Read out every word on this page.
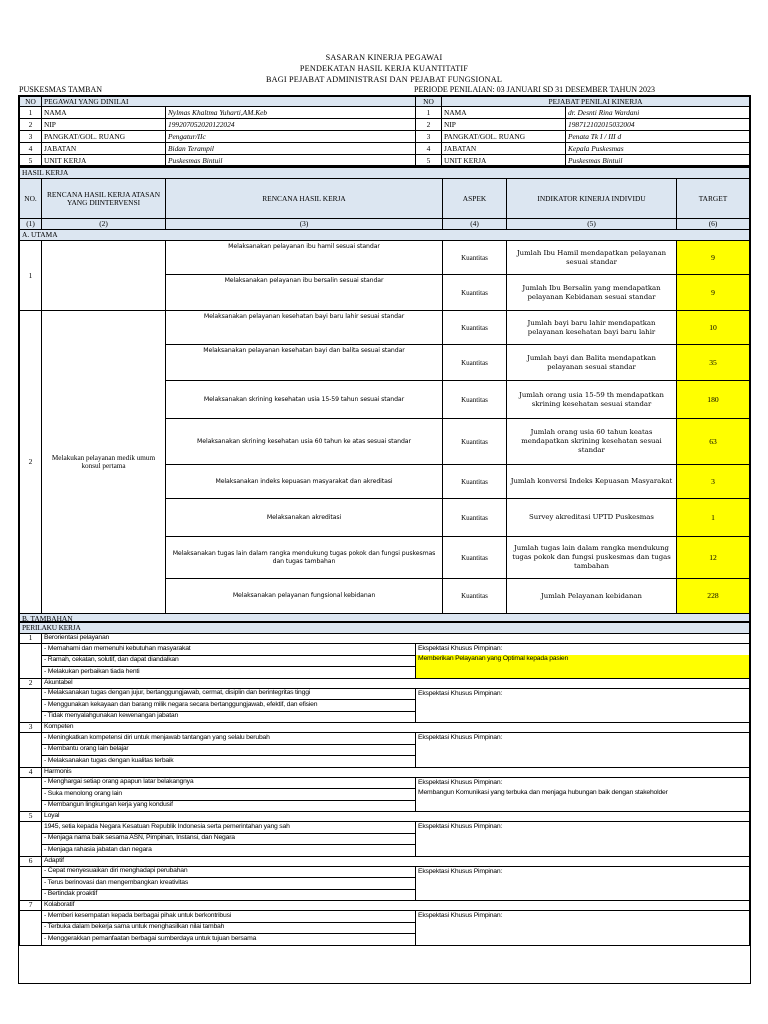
SASARAN KINERJA PEGAWAI
PENDEKATAN HASIL KERJA KUANTITATIF
BAGI PEJABAT ADMINISTRASI DAN PEJABAT FUNGSIONAL
PUSKESMAS TAMBAN	PERIODE PENILAIAN: 03 JANUARI SD 31 DESEMBER TAHUN 2023
NO	PEGAWAI YANG DINILAI		NO	PEJABAT PENILAI KINERJA	
1	NAMA	Nylmas Khaltma Yuharti,AM.Keb	1	NAMA	dr. Desnti Rina Wardani
2	NIP	19920705202012202​4	2	NIP	198712102015032004
3	PANGKAT/GOL. RUANG	Pengatur/IIc	3	PANGKAT/GOL. RUANG	Penata Tk I / III d
4	JABATAN	Bidan Terampil	4	JABATAN	Kepala Puskesmas
5	UNIT KERJA	Puskesmas Bintuil	5	UNIT KERJA	Puskesmas Bintuil
HASIL KERJA					
NO.	RENCANA HASIL KERJA ATASAN YANG DIINTERVENSI	RENCANA HASIL KERJA	ASPEK	INDIKATOR KINERJA INDIVIDU	TARGET
(1)	(2)	(3)	(4)	(5)	(6)
A. UTAMA					
1		Melaksanakan pelayanan ibu hamil sesuai standar	Kuantitas	Jumlah Ibu Hamil mendapatkan pelayanan sesuai standar	9
		Melaksanakan pelayanan ibu bersalin sesuai standar	Kuantitas	Jumlah Ibu Bersalin yang mendapatkan pelayanan Kebidanan sesuai standar	9
2	Melakukan pelayanan medik umum konsul pertama	Melaksanakan pelayanan kesehatan bayi baru lahir sesuai standar	Kuantitas	Jumlah bayi baru lahir mendapatkan pelayanan kesehatan bayi baru lahir	10
		Melaksanakan pelayanan kesehatan bayi dan balita sesuai standar	Kuantitas	Jumlah bayi dan Balita mendapatkan pelayanan sesuai standar	35
		Melaksanakan skrining kesehatan usia 15-59 tahun sesuai standar	Kuantitas	Jumlah orang usia 15-59 th mendapatkan skrining kesehatan sesuai standar	180
		Melaksanakan skrining kesehatan usia 60 tahun ke atas sesuai standar	Kuantitas	Jumlah orang usia 60 tahun keatas mendapatkan skrining kesehatan sesuai standar	63
		Melaksanakan indeks kepuasan masyarakat dan akreditasi	Kuantitas	Jumlah konversi Indeks Kepuasan Masyarakat	3
		Melaksanakan akreditasi	Kuantitas	Survey akreditasi UPTD Puskesmas	1
		Melaksanakan tugas lain dalam rangka mendukung tugas pokok dan fungsi puskesmas dan tugas tambahan	Kuantitas	Jumlah tugas lain dalam rangka mendukung tugas pokok dan fungsi puskesmas dan tugas tambahan	12
		Melaksanakan pelayanan fungsional kebidanan	Kuantitas	Jumlah Pelayanan kebidanan	228
B. TAMBAHAN					
PERILAKU KERJA		
1	Berorientasi pelayanan	
	- Memahami dan memenuhi kebutuhan masyarakat	Ekspektasi Khusus Pimpinan:
	- Ramah, cekatan, solutif, dan dapat diandalkan	Memberikan Pelayanan yang Optimal kepada pasien
	- Melakukan perbaikan tiada henti	
2	Akuntabel	
	- Melaksanakan tugas dengan jujur, bertanggungjawab, cermat, disiplin dan berintegritas tinggi	Ekspektasi Khusus Pimpinan:
	- Menggunakan kekayaan dan barang milik negara secara bertanggungjawab, efektif, dan efisien	
	- Tidak menyalahgunakan kewenangan jabatan	
3	Kompeten	
	- Meningkatkan kompetensi diri untuk menjawab tantangan yang selalu berubah	Ekspektasi Khusus Pimpinan:
	- Membantu orang lain belajar	
	- Melaksanakan tugas dengan kualitas terbaik	
4	Harmonis	
	- Menghargai setiap orang apapun latar belakangnya	Ekspektasi Khusus Pimpinan:
	- Suka menolong orang lain	Membangun Komunikasi yang terbuka dan menjaga hubungan baik dengan stakeholder
	- Membangun lingkungan kerja yang kondusif	
5	Loyal	
	1945, setia kepada Negara Kesatuan Republik Indonesia serta pemerintahan yang sah	Ekspektasi Khusus Pimpinan:
	- Menjaga nama baik sesama ASN, Pimpinan, Instansi, dan Negara	
	- Menjaga rahasia jabatan dan negara	
6	Adaptif	
	- Cepat menyesuaikan diri menghadapi perubahan	Ekspektasi Khusus Pimpinan:
	- Terus berinovasi dan mengembangkan kreativitas	
	- Bertindak proaktif	
7	Kolaboratif	
	- Memberi kesempatan kepada berbagai pihak untuk berkontribusi	Ekspektasi Khusus Pimpinan:
	- Terbuka dalam bekerja sama untuk menghasilkan nilai tambah	
	- Menggerakkan pemanfaatan berbagai sumberdaya untuk tujuan bersama	
